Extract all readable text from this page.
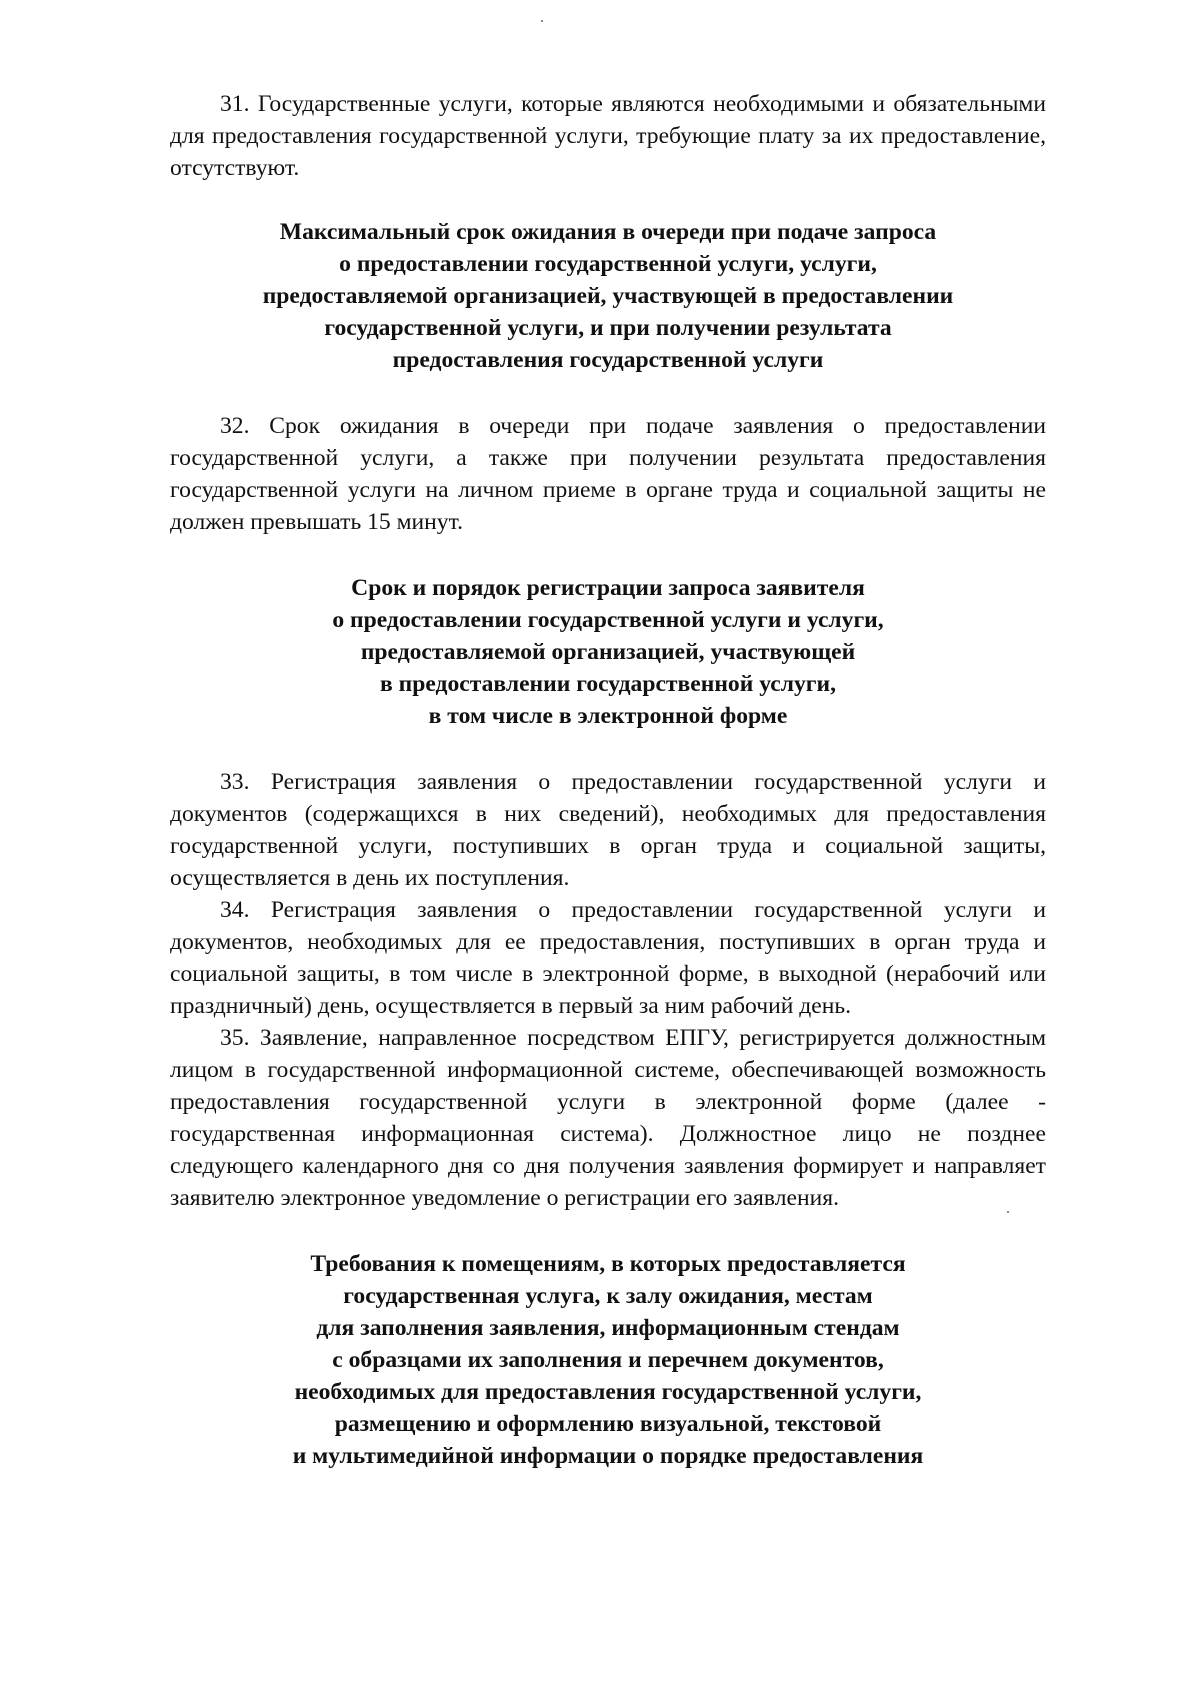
31. Государственные услуги, которые являются необходимыми и обязательными для предоставления государственной услуги, требующие плату за их предоставление, отсутствуют.

Максимальный срок ожидания в очереди при подаче запроса
о предоставлении государственной услуги, услуги,
предоставляемой организацией, участвующей в предоставлении
государственной услуги, и при получении результата
предоставления государственной услуги

32. Срок ожидания в очереди при подаче заявления о предоставлении государственной услуги, а также при получении результата предоставления государственной услуги на личном приеме в органе труда и социальной защиты не должен превышать 15 минут.

Срок и порядок регистрации запроса заявителя
о предоставлении государственной услуги и услуги,
предоставляемой организацией, участвующей
в предоставлении государственной услуги,
в том числе в электронной форме

33. Регистрация заявления о предоставлении государственной услуги и документов (содержащихся в них сведений), необходимых для предоставления государственной услуги, поступивших в орган труда и социальной защиты, осуществляется в день их поступления.

34. Регистрация заявления о предоставлении государственной услуги и документов, необходимых для ее предоставления, поступивших в орган труда и социальной защиты, в том числе в электронной форме, в выходной (нерабочий или праздничный) день, осуществляется в первый за ним рабочий день.

35. Заявление, направленное посредством ЕПГУ, регистрируется должностным лицом в государственной информационной системе, обеспечивающей возможность предоставления государственной услуги в электронной форме (далее - государственная информационная система). Должностное лицо не позднее следующего календарного дня со дня получения заявления формирует и направляет заявителю электронное уведомление о регистрации его заявления.

Требования к помещениям, в которых предоставляется
государственная услуга, к залу ожидания, местам
для заполнения заявления, информационным стендам
с образцами их заполнения и перечнем документов,
необходимых для предоставления государственной услуги,
размещению и оформлению визуальной, текстовой
и мультимедийной информации о порядке предоставления
